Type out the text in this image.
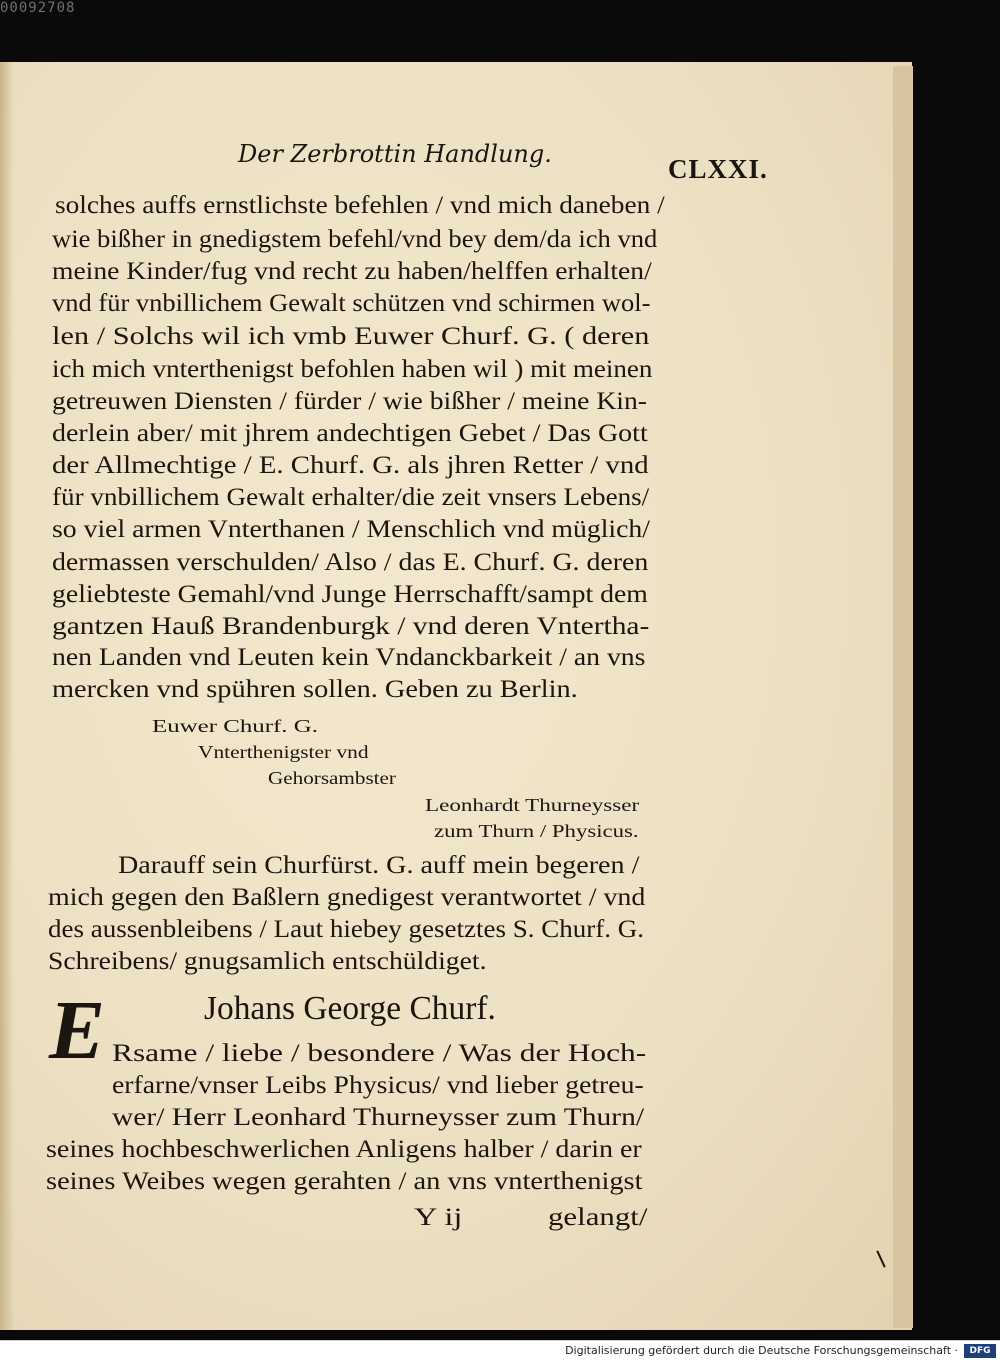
00092708
Der Zerbrottin Handlung.	CLXXI.

solches auffs ernstlichste befehlen / vnd mich daneben /

wie bißher in gnedigstem befehl/vnd bey dem/da ich vnd

meine Kinder/fug vnd recht zu haben/helffen erhalten/

vnd für vnbillichem Gewalt schützen vnd schirmen wol-

len / Solchs wil ich vmb Euwer Churf. G. ( deren

ich mich vnterthenigst befohlen haben wil ) mit meinen

getreuwen Diensten / fürder / wie bißher / meine Kin-

derlein aber/ mit jhrem andechtigen Gebet / Das Gott

der Allmechtige / E. Churf. G. als jhren Retter / vnd

für vnbillichem Gewalt erhalter/die zeit vnsers Lebens/

so viel armen Vnterthanen / Menschlich vnd müglich/

dermassen verschulden/ Also / das E. Churf. G. deren

geliebteste Gemahl/vnd Junge Herrschafft/sampt dem

gantzen Hauß Brandenburgk / vnd deren Vntertha-

nen Landen vnd Leuten kein Vndanckbarkeit / an vns

mercken vnd spühren sollen. Geben zu Berlin.

Euwer Churf. G.

Vnterthenigster vnd

Gehorsambster

Leonhardt Thurneysser

zum Thurn / Physicus.

Darauff sein Churfürst. G. auff mein begeren /

mich gegen den Baßlern gnedigest verantwortet / vnd

des aussenbleibens / Laut hiebey gesetztes S. Churf. G.

Schreibens/ gnugsamlich entschüldiget.

Johans George Churf.

E Rsame / liebe / besondere / Was der Hoch-

erfarne/vnser Leibs Physicus/ vnd lieber getreu-

wer/ Herr Leonhard Thurneysser zum Thurn/

seines hochbeschwerlichen Anligens halber / darin er

seines Weibes wegen gerahten / an vns vnterthenigst

Y ij	gelangt/

Digitalisierung gefördert durch die Deutsche Forschungsgemeinschaft ·	DFG
